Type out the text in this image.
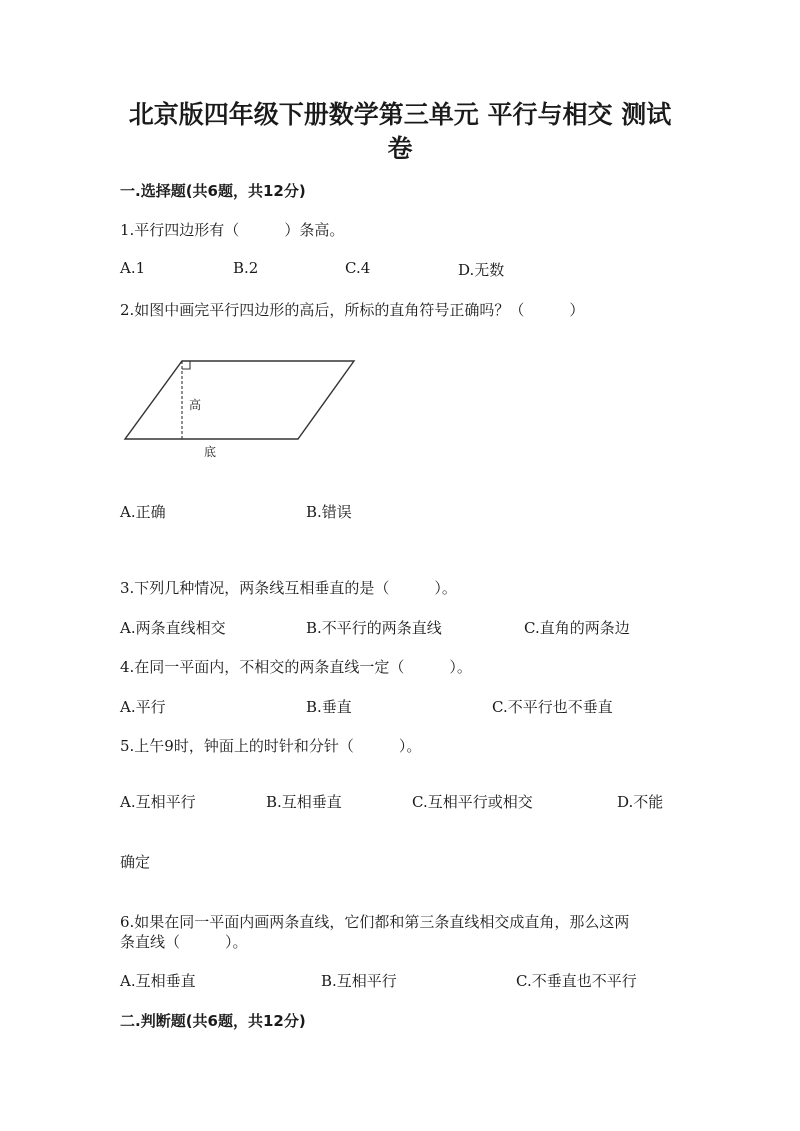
北京版四年级下册数学第三单元 平行与相交 测试
卷
一.选择题(共6题，共12分)
1.平行四边形有（　　　）条高。
A.1	B.2	C.4	D.无数
2.如图中画完平行四边形的高后，所标的直角符号正确吗？（　　　）
高
底
A.正确	B.错误
3.下列几种情况，两条线互相垂直的是（　　　）。
A.两条直线相交	B.不平行的两条直线	C.直角的两条边
4.在同一平面内，不相交的两条直线一定（　　　）。
A.平行	B.垂直	C.不平行也不垂直
5.上午9时，钟面上的时针和分针（　　　）。
A.互相平行	B.互相垂直	C.互相平行或相交	D.不能
确定
6.如果在同一平面内画两条直线，它们都和第三条直线相交成直角，那么这两
条直线（　　　）。
A.互相垂直	B.互相平行	C.不垂直也不平行
二.判断题(共6题，共12分)
